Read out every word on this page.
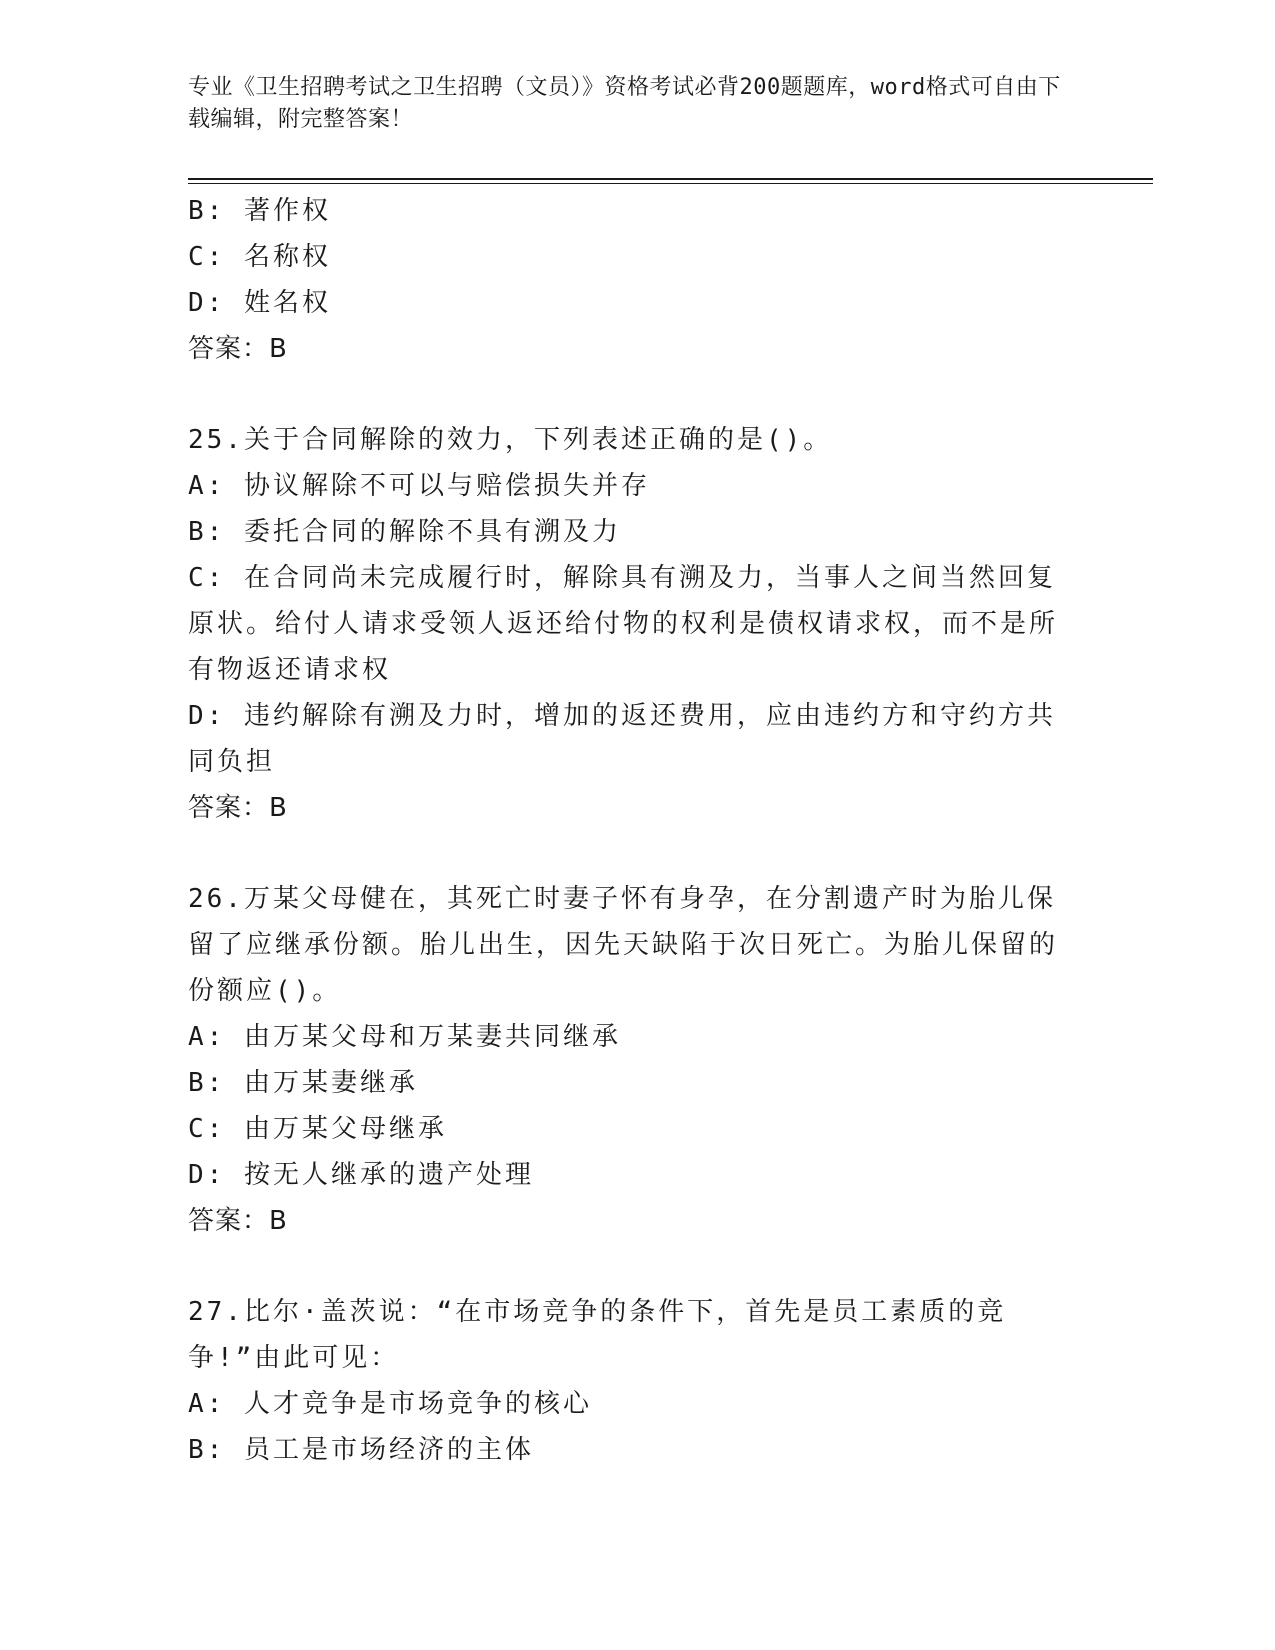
专业《卫生招聘考试之卫生招聘（文员）》资格考试必背200题题库，word格式可自由下载编辑，附完整答案！

B: 著作权

C: 名称权

D: 姓名权

答案：B

25.关于合同解除的效力，下列表述正确的是()。

A: 协议解除不可以与赔偿损失并存

B: 委托合同的解除不具有溯及力

C: 在合同尚未完成履行时，解除具有溯及力，当事人之间当然回复原状。给付人请求受领人返还给付物的权利是债权请求权，而不是所有物返还请求权

D: 违约解除有溯及力时，增加的返还费用，应由违约方和守约方共同负担

答案：B

26.万某父母健在，其死亡时妻子怀有身孕，在分割遗产时为胎儿保留了应继承份额。胎儿出生，因先天缺陷于次日死亡。为胎儿保留的份额应()。

A: 由万某父母和万某妻共同继承

B: 由万某妻继承

C: 由万某父母继承

D: 按无人继承的遗产处理

答案：B

27.比尔·盖茨说：“在市场竞争的条件下，首先是员工素质的竞争!”由此可见：

A: 人才竞争是市场竞争的核心

B: 员工是市场经济的主体
